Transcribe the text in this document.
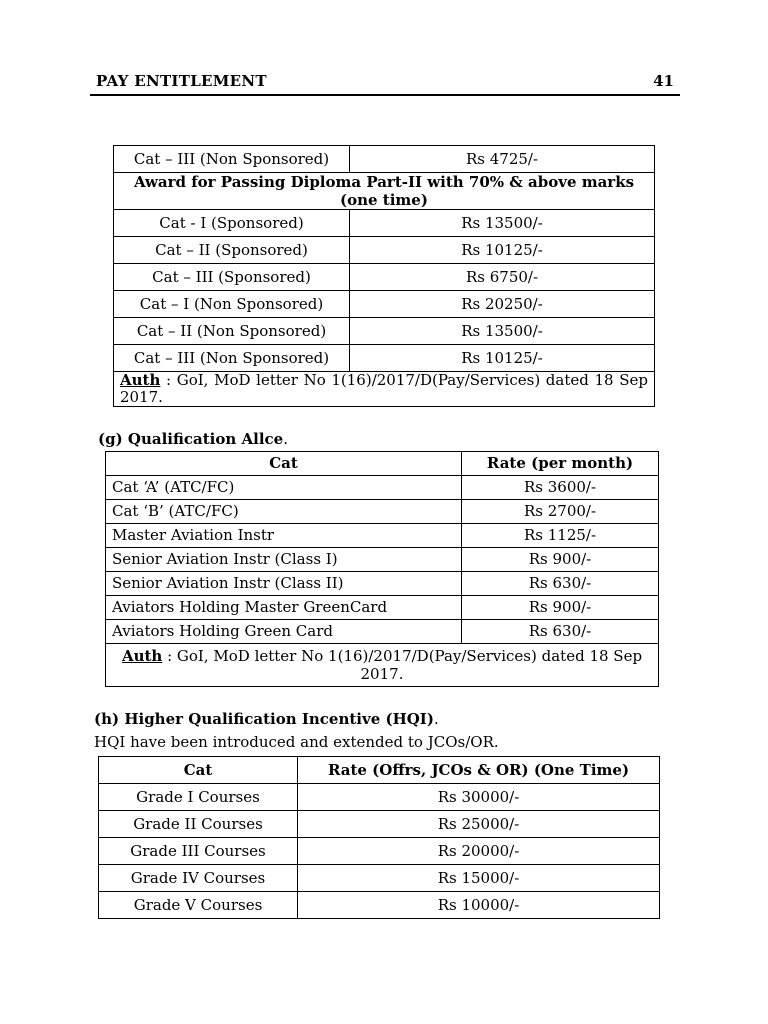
PAY ENTITLEMENT	41
Cat – III (Non Sponsored)	Rs 4725/-
Award for Passing Diploma Part-II with 70% & above marks (one time)	
Cat - I (Sponsored)	Rs 13500/-
Cat – II (Sponsored)	Rs 10125/-
Cat – III (Sponsored)	Rs 6750/-
Cat – I (Non Sponsored)	Rs 20250/-
Cat – II (Non Sponsored)	Rs 13500/-
Cat – III (Non Sponsored)	Rs 10125/-
Auth : GoI, MoD letter No 1(16)/2017/D(Pay/Services) dated 18 Sep 2017.	
(g) Qualification Allce.
Cat	Rate (per month)
Cat ‘A’ (ATC/FC)	Rs 3600/-
Cat ‘B’ (ATC/FC)	Rs 2700/-
Master Aviation Instr	Rs 1125/-
Senior Aviation Instr (Class I)	Rs 900/-
Senior Aviation Instr (Class II)	Rs 630/-
Aviators Holding Master GreenCard	Rs 900/-
Aviators Holding Green Card	Rs 630/-
Auth : GoI, MoD letter No 1(16)/2017/D(Pay/Services) dated 18 Sep 2017.	
(h) Higher Qualification Incentive (HQI).
HQI have been introduced and extended to JCOs/OR.
Cat	Rate (Offrs, JCOs & OR) (One Time)
Grade I Courses	Rs 30000/-
Grade II Courses	Rs 25000/-
Grade III Courses	Rs 20000/-
Grade IV Courses	Rs 15000/-
Grade V Courses	Rs 10000/-
